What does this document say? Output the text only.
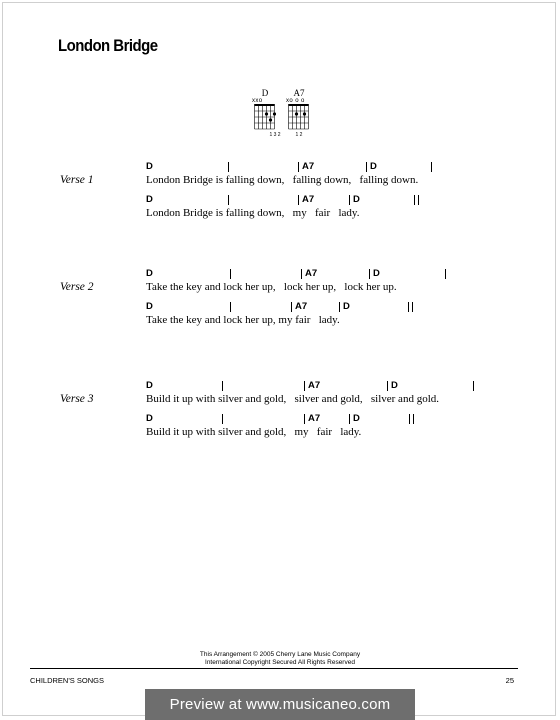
London Bridge
D
xxo
1 3 2
A7
xo o o
1 2
Verse 1
D	A7	D
London Bridge is falling down,   falling down,   falling down.
D	A7	D
London Bridge is falling down,   my   fair   lady.
Verse 2
D	A7	D
Take the key and lock her up,   lock her up,   lock her up.
D	A7	D
Take the key and lock her up, my fair   lady.
Verse 3
D	A7	D
Build it up with silver and gold,   silver and gold,   silver and gold.
D	A7	D
Build it up with silver and gold,   my   fair   lady.
This Arrangement © 2005 Cherry Lane Music Company
International Copyright Secured All Rights Reserved
CHILDREN'S SONGS	25
Preview at www.musicaneo.com
